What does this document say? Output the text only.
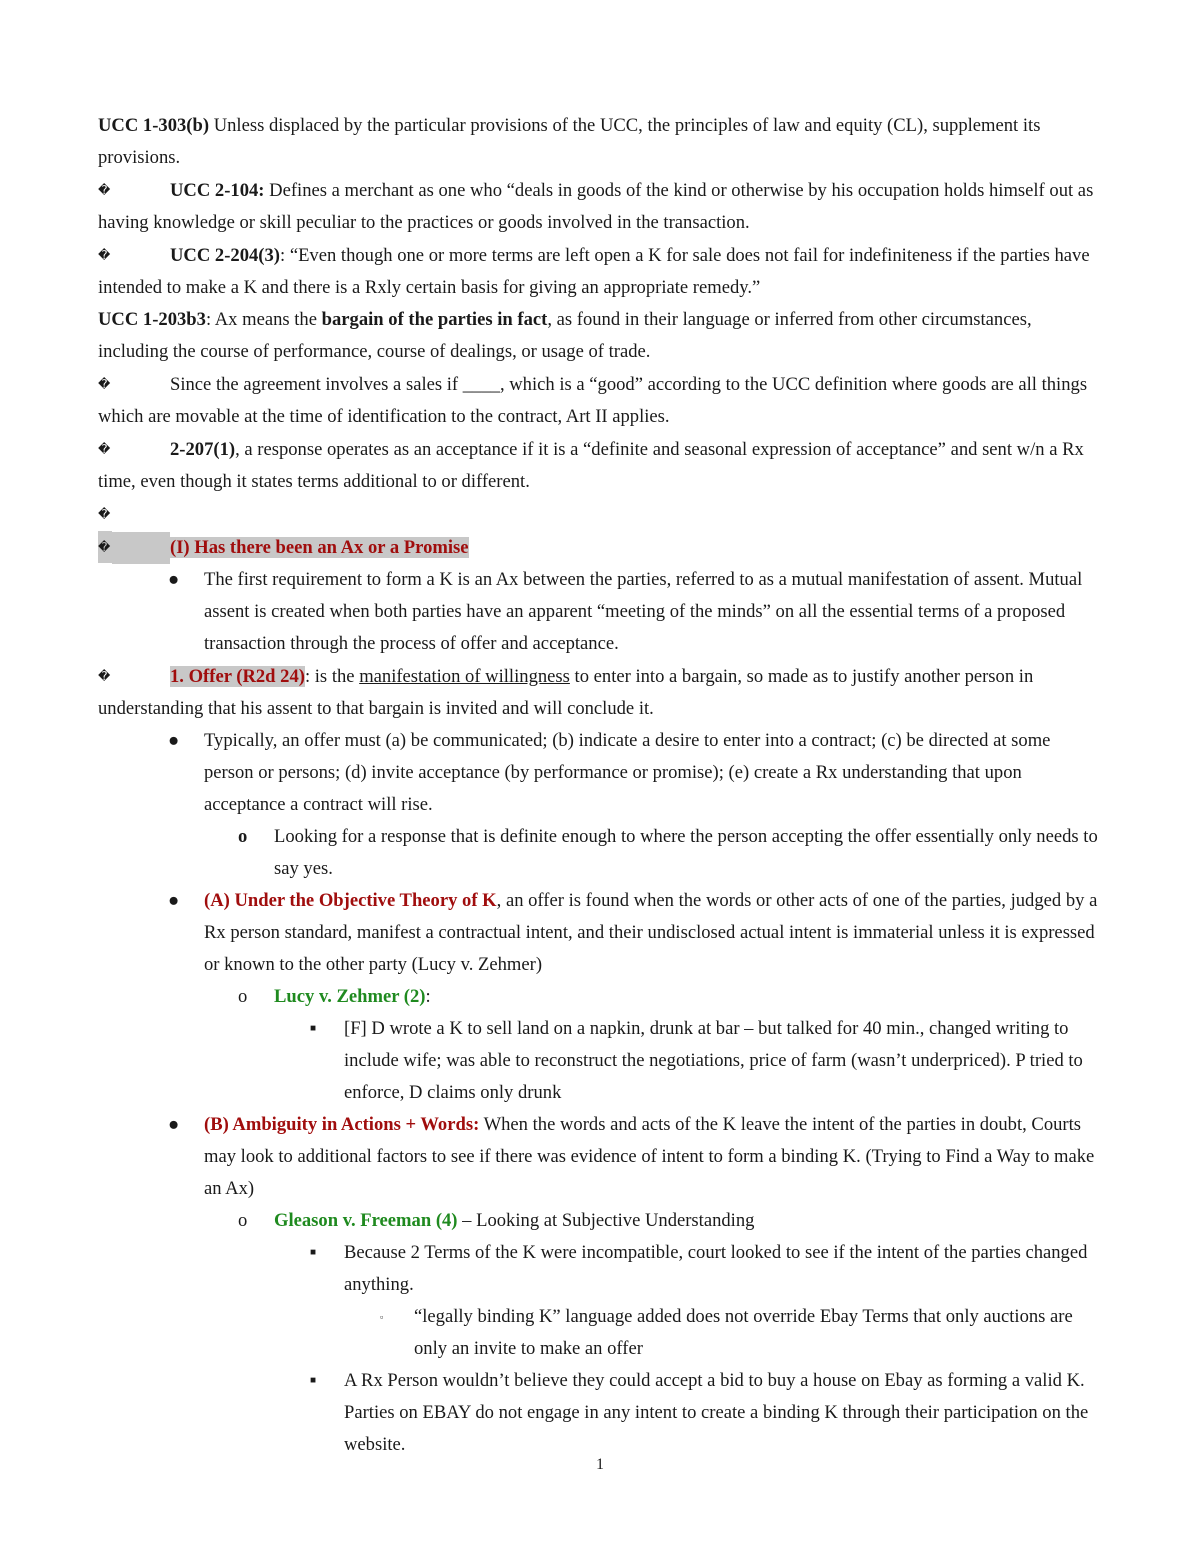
UCC 1-303(b) Unless displaced by the particular provisions of the UCC, the principles of law and equity (CL), supplement its provisions.

�	UCC 2-104: Defines a merchant as one who “deals in goods of the kind or otherwise by his occupation holds himself out as having knowledge or skill peculiar to the practices or goods involved in the transaction.

�	UCC 2-204(3): “Even though one or more terms are left open a K for sale does not fail for indefiniteness if the parties have intended to make a K and there is a Rxly certain basis for giving an appropriate remedy.”

UCC 1-203b3: Ax means the bargain of the parties in fact, as found in their language or inferred from other circumstances, including the course of performance, course of dealings, or usage of trade.

�	Since the agreement involves a sales if ____, which is a “good” according to the UCC definition where goods are all things which are movable at the time of identification to the contract, Art II applies.

�	2-207(1), a response operates as an acceptance if it is a “definite and seasonal expression of acceptance” and sent w/n a Rx time, even though it states terms additional to or different.

�

�	(I) Has there been an Ax or a Promise

● The first requirement to form a K is an Ax between the parties, referred to as a mutual manifestation of assent. Mutual assent is created when both parties have an apparent “meeting of the minds” on all the essential terms of a proposed transaction through the process of offer and acceptance.

�	1. Offer (R2d 24): is the manifestation of willingness to enter into a bargain, so made as to justify another person in understanding that his assent to that bargain is invited and will conclude it.

● Typically, an offer must (a) be communicated; (b) indicate a desire to enter into a contract; (c) be directed at some person or persons; (d) invite acceptance (by performance or promise); (e) create a Rx understanding that upon acceptance a contract will rise.
o Looking for a response that is definite enough to where the person accepting the offer essentially only needs to say yes.
● (A) Under the Objective Theory of K, an offer is found when the words or other acts of one of the parties, judged by a Rx person standard, manifest a contractual intent, and their undisclosed actual intent is immaterial unless it is expressed or known to the other party (Lucy v. Zehmer)
o Lucy v. Zehmer (2):
■ [F] D wrote a K to sell land on a napkin, drunk at bar – but talked for 40 min., changed writing to include wife; was able to reconstruct the negotiations, price of farm (wasn’t underpriced). P tried to enforce, D claims only drunk
● (B) Ambiguity in Actions + Words: When the words and acts of the K leave the intent of the parties in doubt, Courts may look to additional factors to see if there was evidence of intent to form a binding K. (Trying to Find a Way to make an Ax)
o Gleason v. Freeman (4) – Looking at Subjective Understanding
■ Because 2 Terms of the K were incompatible, court looked to see if the intent of the parties changed anything.
▫ “legally binding K” language added does not override Ebay Terms that only auctions are only an invite to make an offer
■ A Rx Person wouldn’t believe they could accept a bid to buy a house on Ebay as forming a valid K. Parties on EBAY do not engage in any intent to create a binding K through their participation on the website.
1
